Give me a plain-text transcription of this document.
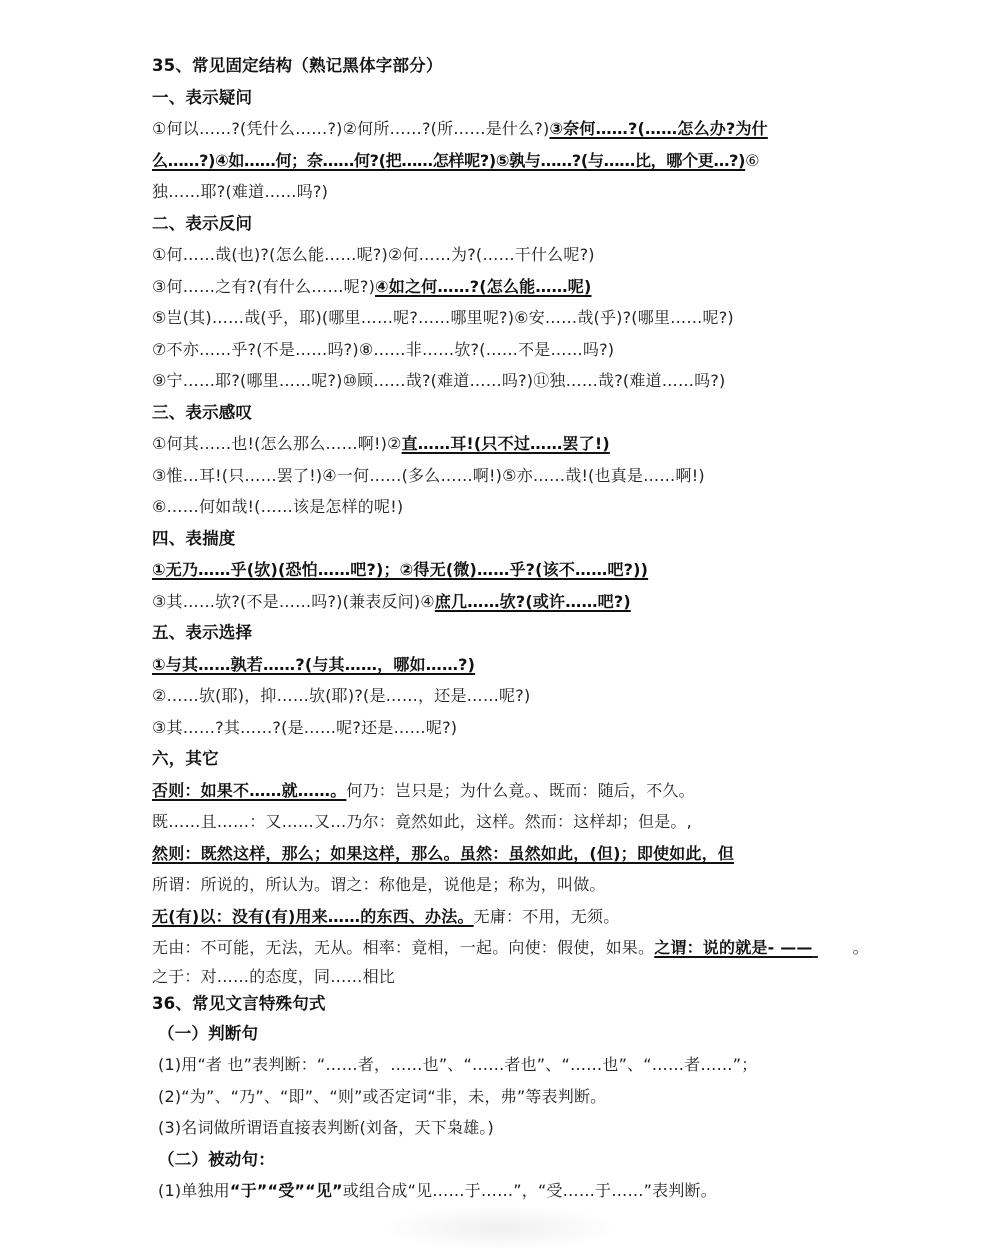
35、常见固定结构（熟记黑体字部分）
一、表示疑问
①何以……?(凭什么……?)②何所……?(所……是什么?)③奈何……?(……怎么办?为什
么……?)④如……何；奈……何?(把……怎样呢?)⑤孰与……?(与……比，哪个更…?)⑥
独……耶?(难道……吗?)
二、表示反问
①何……哉(也)?(怎么能……呢?)②何……为?(……干什么呢?)
③何……之有?(有什么……呢?)④如之何……?(怎么能……呢)
⑤岂(其)……哉(乎，耶)(哪里……呢?……哪里呢?)⑥安……哉(乎)?(哪里……呢?)
⑦不亦……乎?(不是……吗?)⑧……非……欤?(……不是……吗?)
⑨宁……耶?(哪里……呢?)⑩顾……哉?(难道……吗?)⑪独……哉?(难道……吗?)
三、表示感叹
①何其……也!(怎么那么……啊!)②直……耳!(只不过……罢了!)
③惟…耳!(只……罢了!)④一何……(多么……啊!)⑤亦……哉!(也真是……啊!)
⑥……何如哉!(……该是怎样的呢!)
四、表揣度
①无乃……乎(欤)(恐怕……吧?)；②得无(微)……乎?(该不……吧?))
③其……欤?(不是……吗?)(兼表反问)④庶几……欤?(或许……吧?)
五、表示选择
①与其……孰若……?(与其……，哪如……?)
②……欤(耶)，抑……欤(耶)?(是……，还是……呢?)
③其……?其……?(是……呢?还是……呢?)
六，其它
否则：如果不……就……。何乃：岂只是；为什么竟。、既而：随后，不久。
既……且……：又……又…乃尔：竟然如此，这样。然而：这样却；但是。,
然则：既然这样，那么；如果这样，那么。虽然：虽然如此，(但)；即使如此，但
所谓：所说的，所认为。谓之：称他是，说他是；称为，叫做。
无(有)以：没有(有)用来……的东西、办法。无庸：不用，无须。
无由：不可能，无法，无从。相率：竟相，一起。向使：假使，如果。之谓：说的就是- ——	。
之于：对……的态度，同……相比
36、常见文言特殊句式
（一）判断句
(1)用“者 也”表判断：“……者，……也”、“……者也”、“……也”、“……者……”；
(2)“为”、“乃”、“即”、“则”或否定词“非，未，弗”等表判断。
(3)名词做所谓语直接表判断(刘备，天下枭雄。)
（二）被动句：
(1)单独用“于”“受”“见”或组合成“见……于……”，“受……于……”表判断。
